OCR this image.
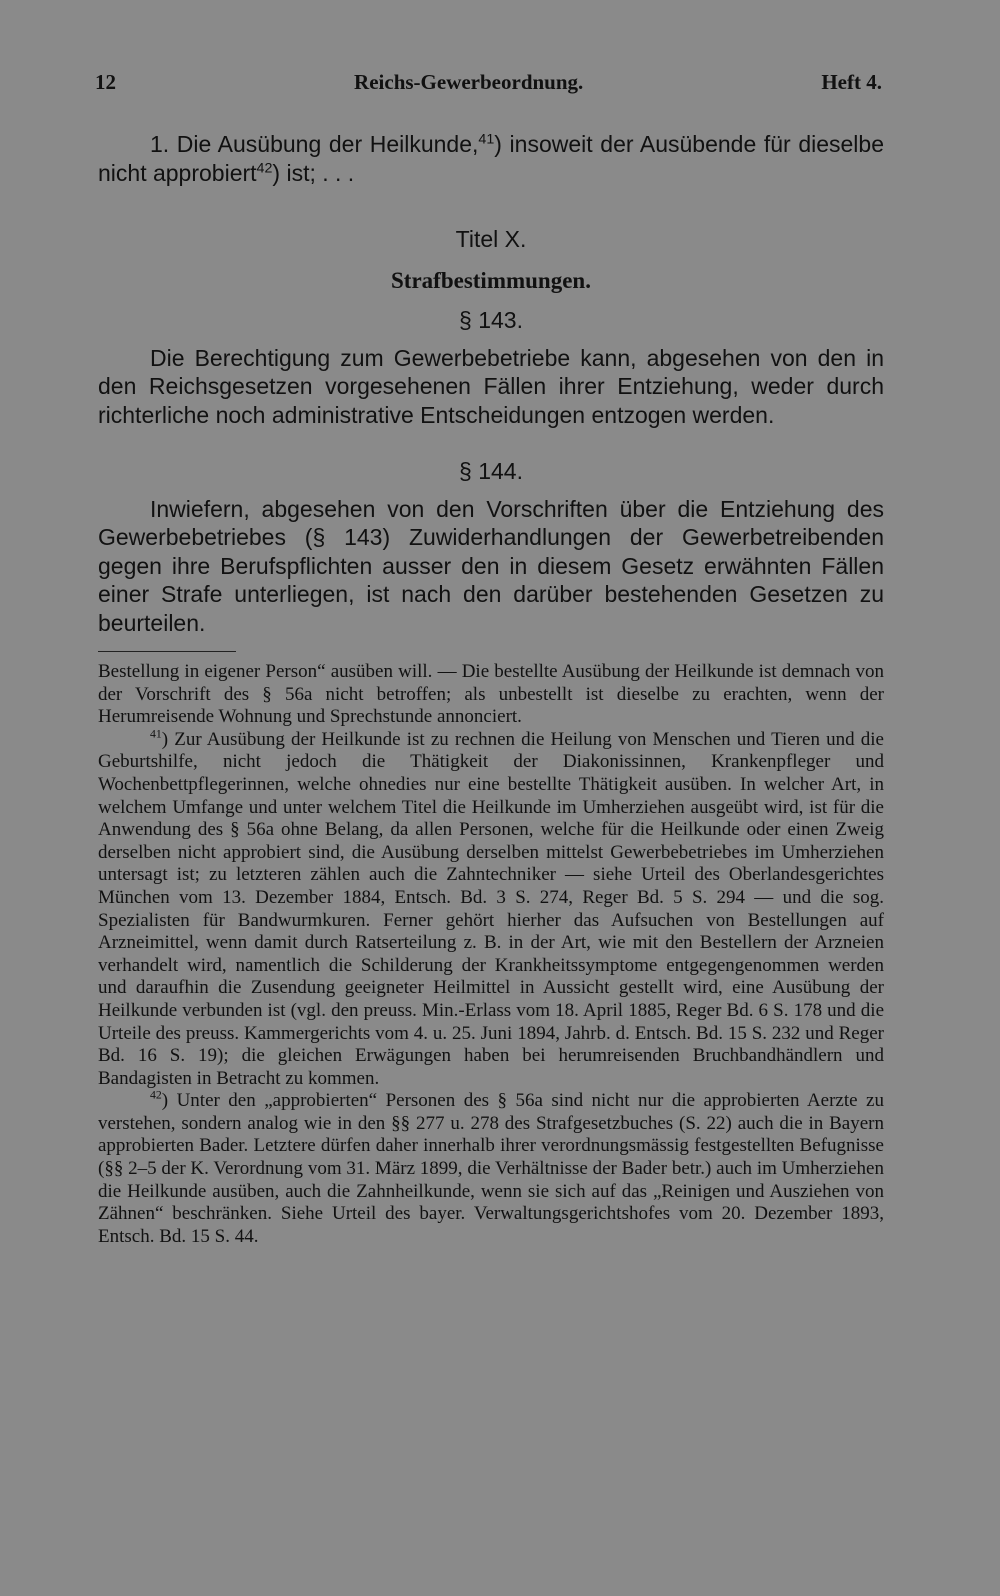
12	Reichs-Gewerbeordnung.	Heft 4.

1. Die Ausübung der Heilkunde,$^{41}$) insoweit der Ausübende für dieselbe nicht approbiert$^{42}$) ist; . . .

Titel X.

Strafbestimmungen.

§ 143.

Die Berechtigung zum Gewerbebetriebe kann, abgesehen von den in den Reichsgesetzen vorgesehenen Fällen ihrer Entziehung, weder durch richterliche noch administrative Entscheidungen entzogen werden.

§ 144.

Inwiefern, abgesehen von den Vorschriften über die Entziehung des Gewerbebetriebes (§ 143) Zuwiderhandlungen der Gewerbetreibenden gegen ihre Berufspflichten ausser den in diesem Gesetz erwähnten Fällen einer Strafe unterliegen, ist nach den darüber bestehenden Gesetzen zu beurteilen.

Bestellung in eigener Person“ ausüben will. — Die bestellte Ausübung der Heilkunde ist demnach von der Vorschrift des § 56a nicht betroffen; als unbestellt ist dieselbe zu erachten, wenn der Herumreisende Wohnung und Sprechstunde annonciert.

$^{41}$) Zur Ausübung der Heilkunde ist zu rechnen die Heilung von Menschen und Tieren und die Geburtshilfe, nicht jedoch die Thätigkeit der Diakonissinnen, Krankenpfleger und Wochenbettpflegerinnen, welche ohnedies nur eine bestellte Thätigkeit ausüben. In welcher Art, in welchem Umfange und unter welchem Titel die Heilkunde im Umherziehen ausgeübt wird, ist für die Anwendung des § 56a ohne Belang, da allen Personen, welche für die Heilkunde oder einen Zweig derselben nicht approbiert sind, die Ausübung derselben mittelst Gewerbebetriebes im Umherziehen untersagt ist; zu letzteren zählen auch die Zahntechniker — siehe Urteil des Oberlandesgerichtes München vom 13. Dezember 1884, Entsch. Bd. 3 S. 274, Reger Bd. 5 S. 294 — und die sog. Spezialisten für Bandwurmkuren. Ferner gehört hierher das Aufsuchen von Bestellungen auf Arzneimittel, wenn damit durch Ratserteilung z. B. in der Art, wie mit den Bestellern der Arzneien verhandelt wird, namentlich die Schilderung der Krankheitssymptome entgegengenommen werden und daraufhin die Zusendung geeigneter Heilmittel in Aussicht gestellt wird, eine Ausübung der Heilkunde verbunden ist (vgl. den preuss. Min.-Erlass vom 18. April 1885, Reger Bd. 6 S. 178 und die Urteile des preuss. Kammergerichts vom 4. u. 25. Juni 1894, Jahrb. d. Entsch. Bd. 15 S. 232 und Reger Bd. 16 S. 19); die gleichen Erwägungen haben bei herumreisenden Bruchbandhändlern und Bandagisten in Betracht zu kommen.

$^{42}$) Unter den „approbierten“ Personen des § 56a sind nicht nur die approbierten Aerzte zu verstehen, sondern analog wie in den §§ 277 u. 278 des Strafgesetzbuches (S. 22) auch die in Bayern approbierten Bader. Letztere dürfen daher innerhalb ihrer verordnungsmässig festgestellten Befugnisse (§§ 2–5 der K. Verordnung vom 31. März 1899, die Verhältnisse der Bader betr.) auch im Umherziehen die Heilkunde ausüben, auch die Zahnheilkunde, wenn sie sich auf das „Reinigen und Ausziehen von Zähnen“ beschränken. Siehe Urteil des bayer. Verwaltungsgerichtshofes vom 20. Dezember 1893, Entsch. Bd. 15 S. 44.
